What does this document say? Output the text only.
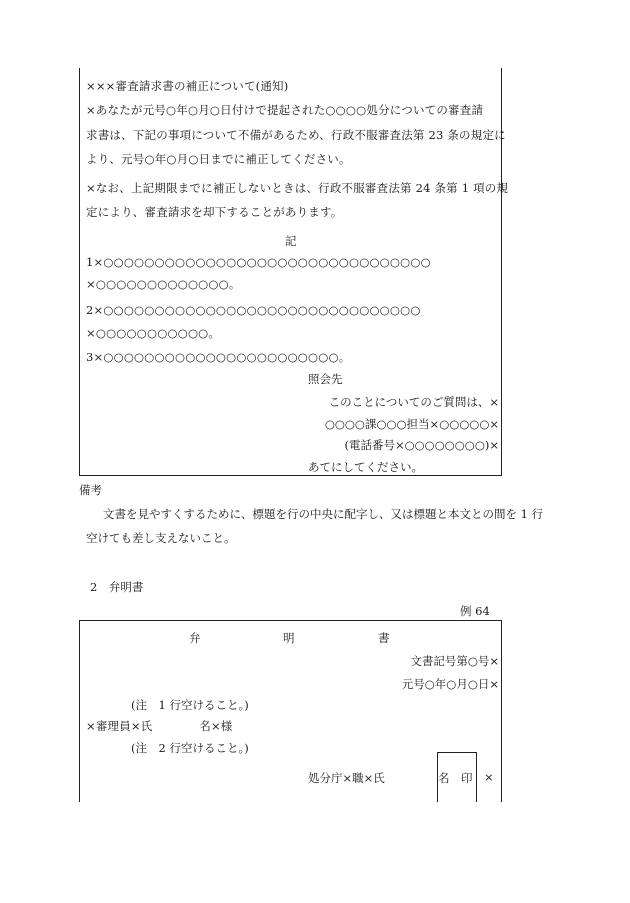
×××審査請求書の補正について(通知)
×あなたが元号○年○月○日付けで提起された○○○○処分についての審査請
求書は、下記の事項について不備があるため、行政不服審査法第 23 条の規定に
より、元号○年○月○日までに補正してください。
×なお、上記期限までに補正しないときは、行政不服審査法第 24 条第 1 項の規
定により、審査請求を却下することがあります。
記
1×○○○○○○○○○○○○○○○○○○○○○○○○○○○○○○○○
×○○○○○○○○○○○○○。
2×○○○○○○○○○○○○○○○○○○○○○○○○○○○○○○○
×○○○○○○○○○○○。
3×○○○○○○○○○○○○○○○○○○○○○○○。
照会先
このことについてのご質問は、×
○○○○課○○○担当×○○○○○×
(電話番号×○○○○○○○○)×
あてにしてください。
備考
文書を見やすくするために、標題を行の中央に配字し、又は標題と本文との間を 1 行
空けても差し支えないこと。
2　弁明書
例 64
弁	明	書
文書記号第○号×
元号○年○月○日×
(注　1 行空けること。)
×審理員×氏　　　　名×様
(注　2 行空けること。)
処分庁×職×氏	名　印 ×
